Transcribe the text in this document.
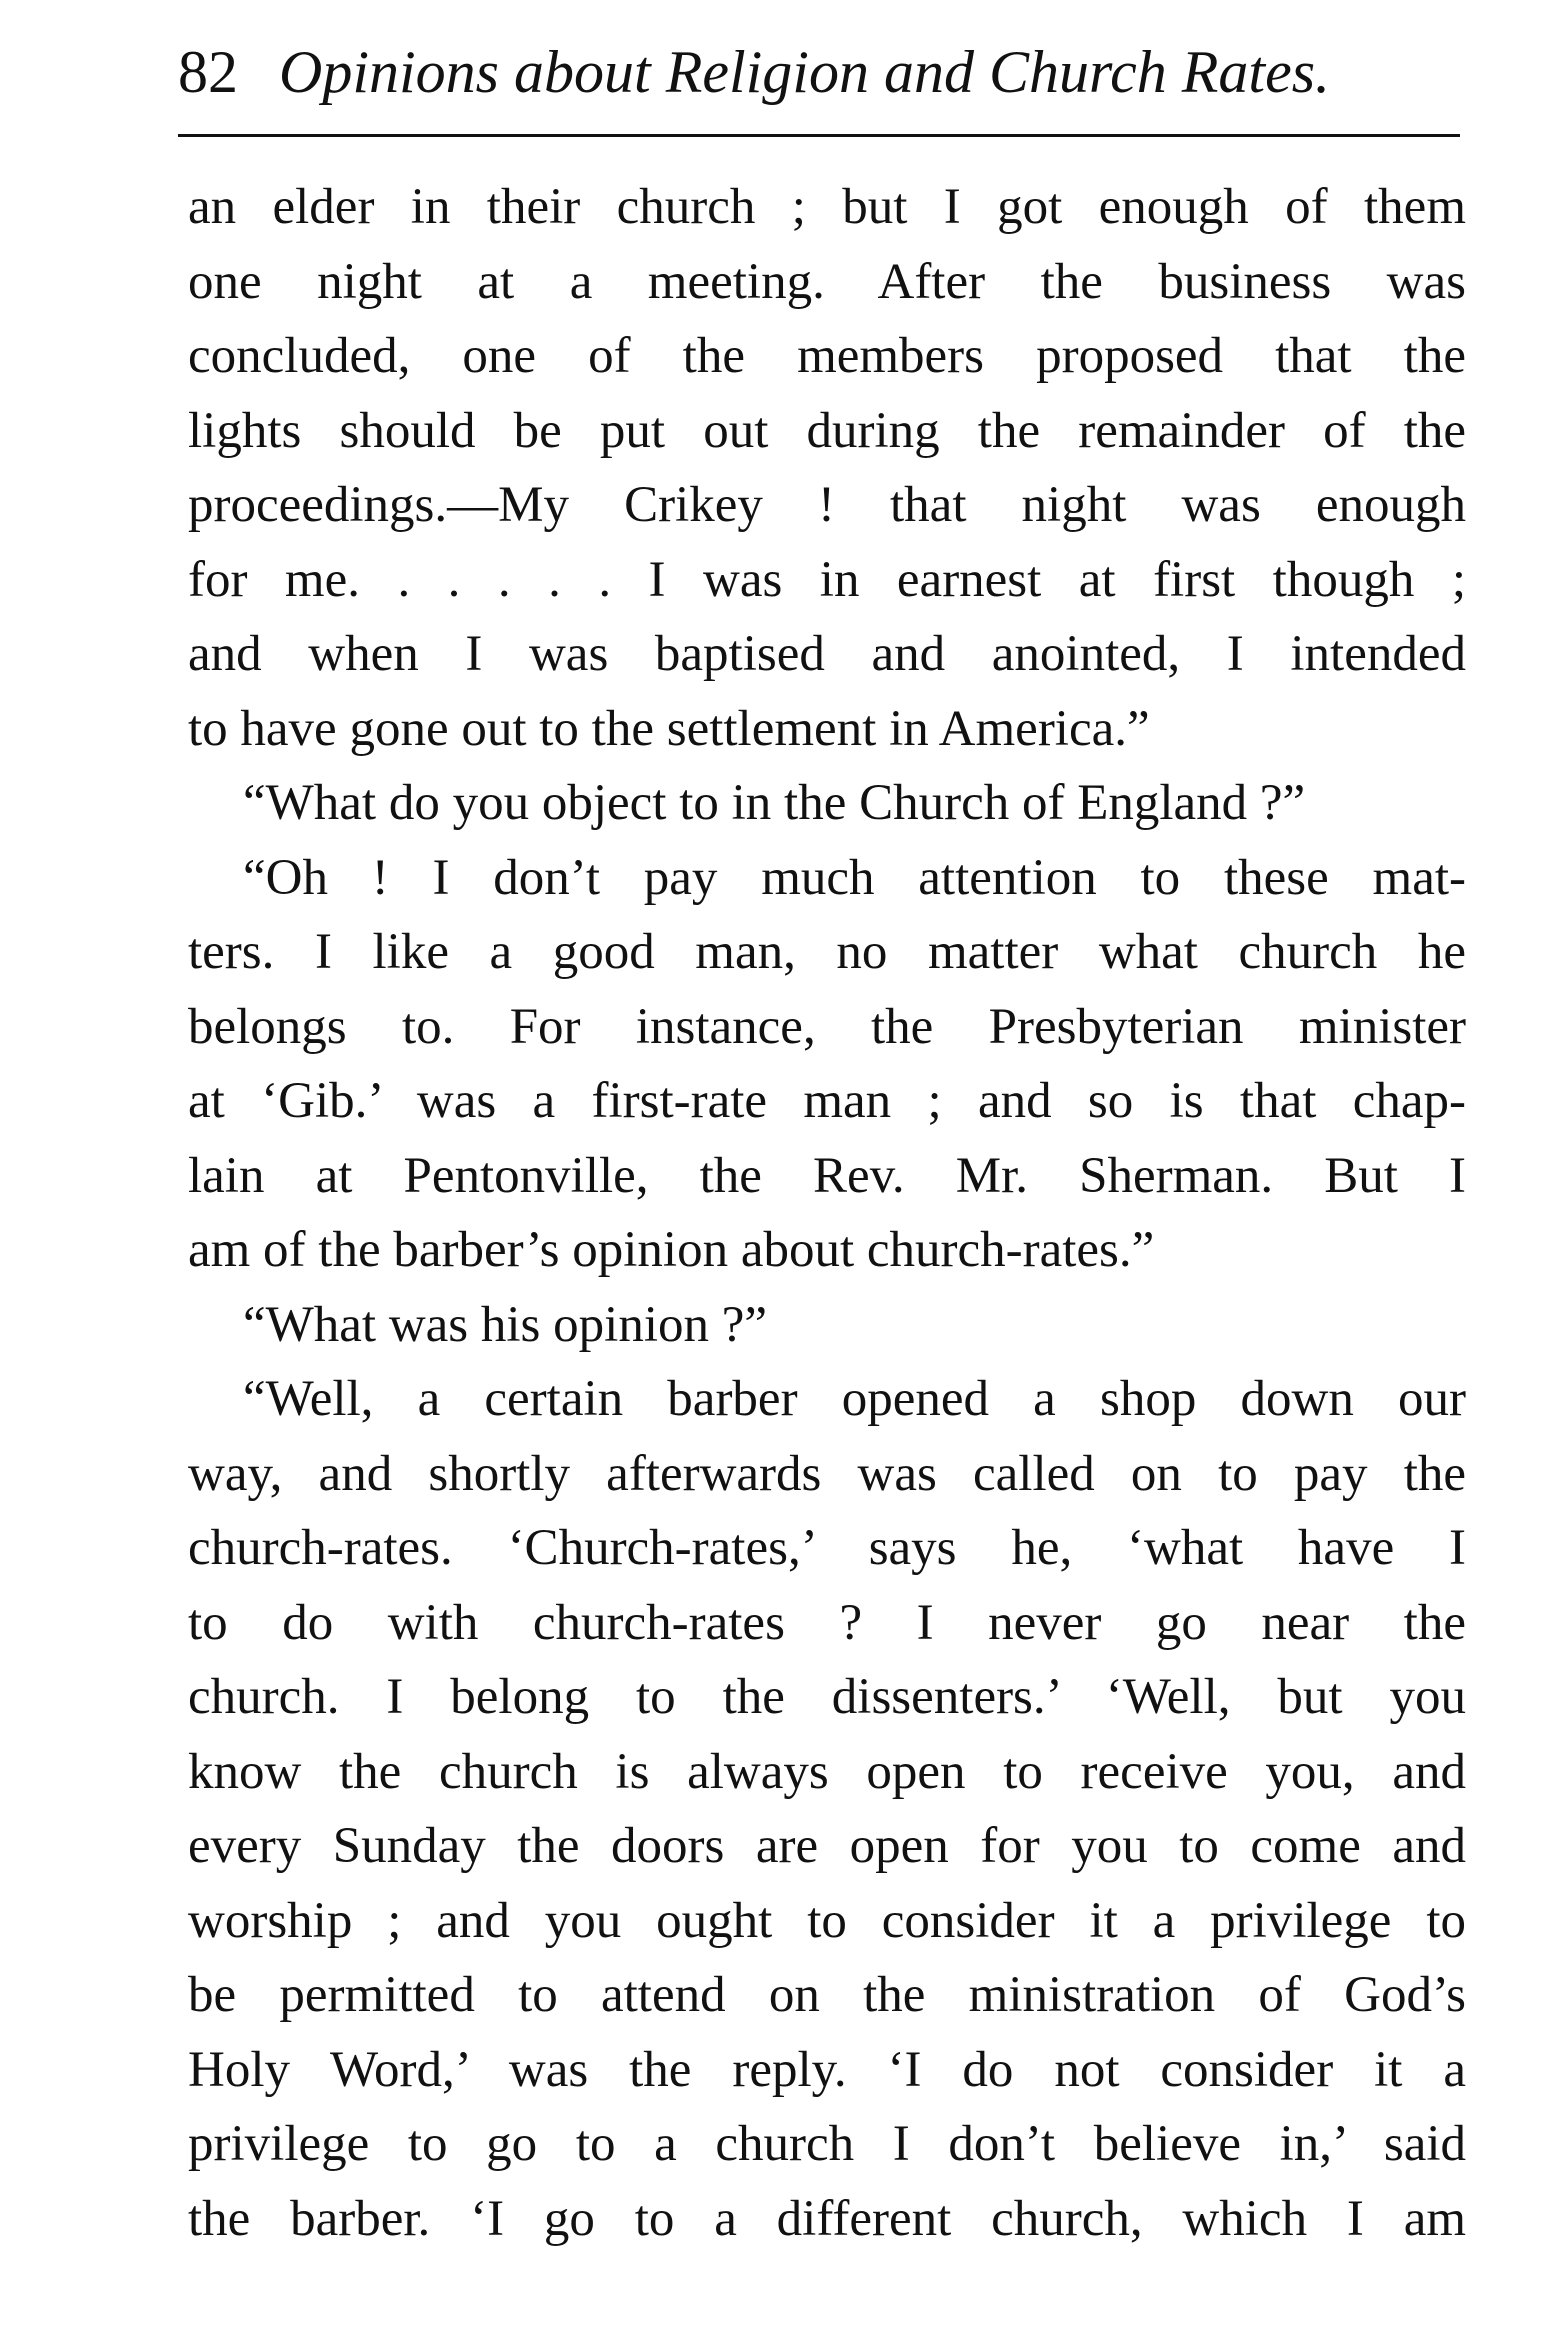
82 Opinions about Religion and Church Rates.
an elder in their church ; but I got enough of them
one night at a meeting. After the business was
concluded, one of the members proposed that the
lights should be put out during the remainder of the
proceedings.—My Crikey ! that night was enough
for me. . . . . . I was in earnest at first though ;
and when I was baptised and anointed, I intended
to have gone out to the settlement in America.”
“What do you object to in the Church of England ?”
“Oh ! I don’t pay much attention to these mat-
ters. I like a good man, no matter what church he
belongs to. For instance, the Presbyterian minister
at ‘Gib.’ was a first-rate man ; and so is that chap-
lain at Pentonville, the Rev. Mr. Sherman. But I
am of the barber’s opinion about church-rates.”
“What was his opinion ?”
“Well, a certain barber opened a shop down our
way, and shortly afterwards was called on to pay the
church-rates. ‘Church-rates,’ says he, ‘what have I
to do with church-rates ? I never go near the
church. I belong to the dissenters.’ ‘Well, but you
know the church is always open to receive you, and
every Sunday the doors are open for you to come and
worship ; and you ought to consider it a privilege to
be permitted to attend on the ministration of God’s
Holy Word,’ was the reply. ‘I do not consider it a
privilege to go to a church I don’t believe in,’ said
the barber. ‘I go to a different church, which I am
